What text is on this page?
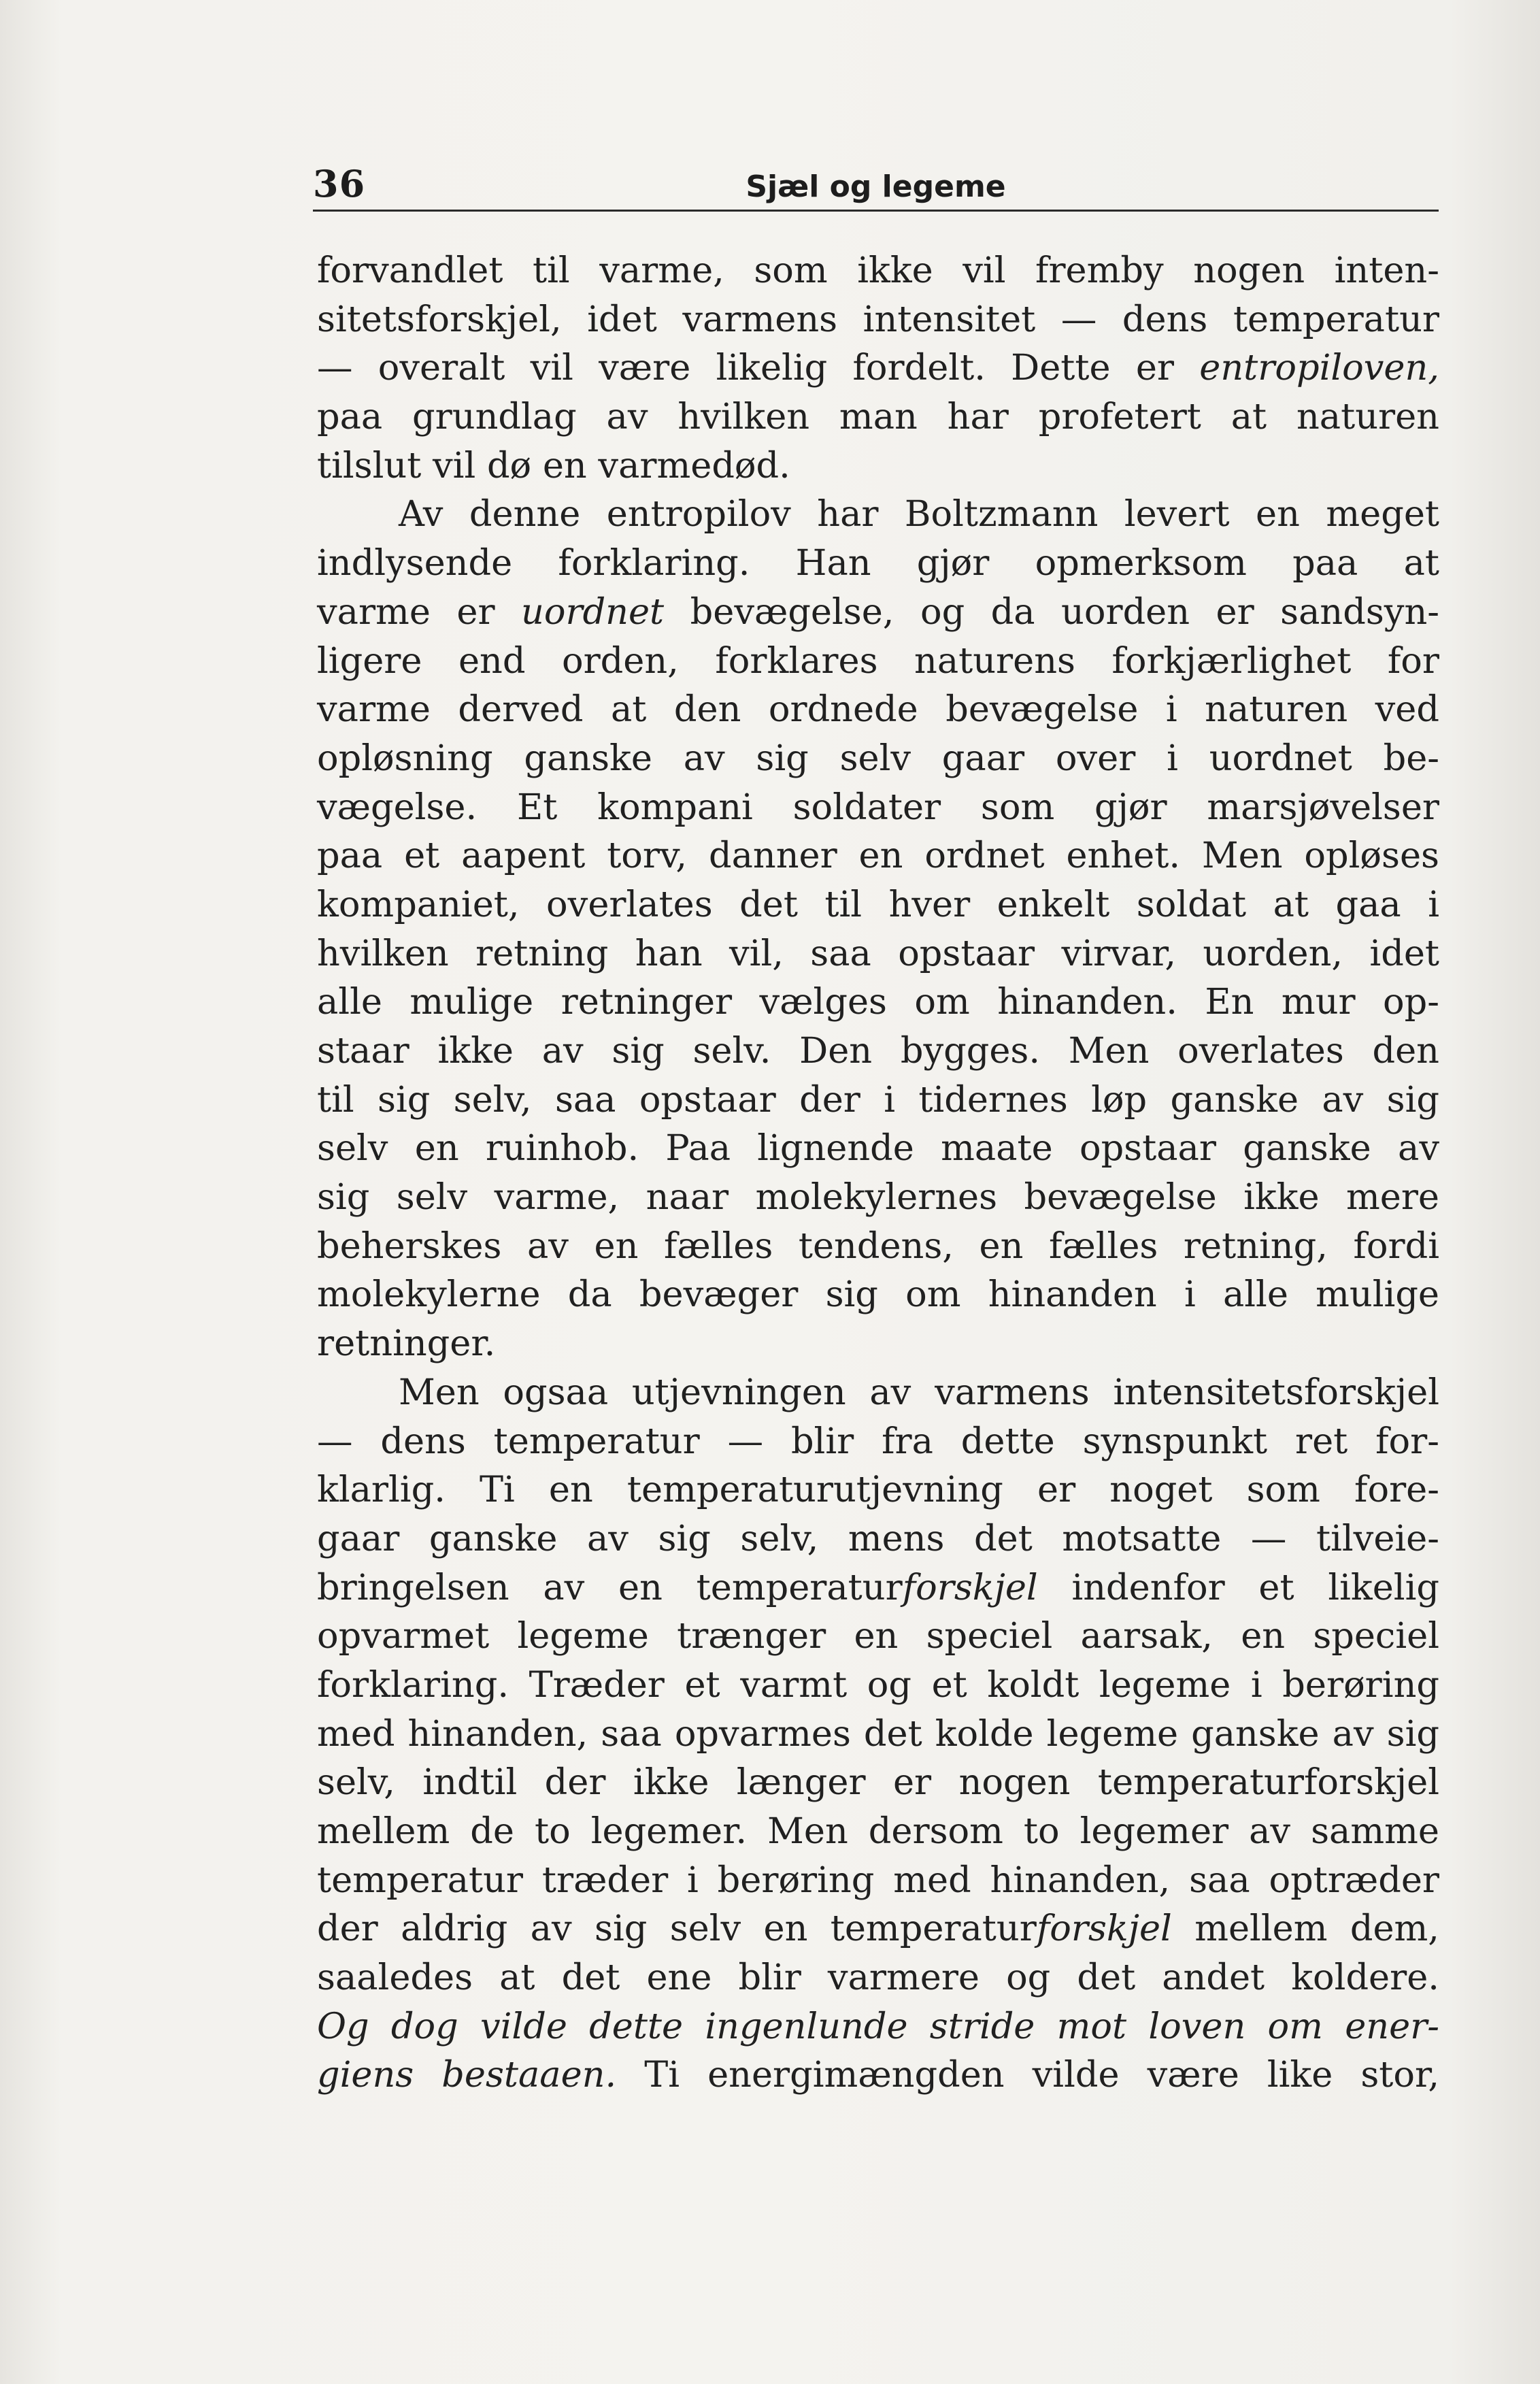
36	Sjæl og legeme
forvandlet til varme, som ikke vil fremby nogen inten-
sitetsforskjel, idet varmens intensitet — dens temperatur
— overalt vil være likelig fordelt. Dette er entropiloven,
paa grundlag av hvilken man har profetert at naturen
tilslut vil dø en varmedød.
Av denne entropilov har Boltzmann levert en meget
indlysende forklaring. Han gjør opmerksom paa at
varme er uordnet bevægelse, og da uorden er sandsyn-
ligere end orden, forklares naturens forkjærlighet for
varme derved at den ordnede bevægelse i naturen ved
opløsning ganske av sig selv gaar over i uordnet be-
vægelse. Et kompani soldater som gjør marsjøvelser
paa et aapent torv, danner en ordnet enhet. Men opløses
kompaniet, overlates det til hver enkelt soldat at gaa i
hvilken retning han vil, saa opstaar virvar, uorden, idet
alle mulige retninger vælges om hinanden. En mur op-
staar ikke av sig selv. Den bygges. Men overlates den
til sig selv, saa opstaar der i tidernes løp ganske av sig
selv en ruinhob. Paa lignende maate opstaar ganske av
sig selv varme, naar molekylernes bevægelse ikke mere
beherskes av en fælles tendens, en fælles retning, fordi
molekylerne da bevæger sig om hinanden i alle mulige
retninger.
Men ogsaa utjevningen av varmens intensitetsforskjel
— dens temperatur — blir fra dette synspunkt ret for-
klarlig. Ti en temperaturutjevning er noget som fore-
gaar ganske av sig selv, mens det motsatte — tilveie-
bringelsen av en temperaturforskjel indenfor et likelig
opvarmet legeme trænger en speciel aarsak, en speciel
forklaring. Træder et varmt og et koldt legeme i berøring
med hinanden, saa opvarmes det kolde legeme ganske av sig
selv, indtil der ikke længer er nogen temperaturforskjel
mellem de to legemer. Men dersom to legemer av samme
temperatur træder i berøring med hinanden, saa optræder
der aldrig av sig selv en temperaturforskjel mellem dem,
saaledes at det ene blir varmere og det andet koldere.
Og dog vilde dette ingenlunde stride mot loven om ener-
giens bestaaen. Ti energimængden vilde være like stor,
